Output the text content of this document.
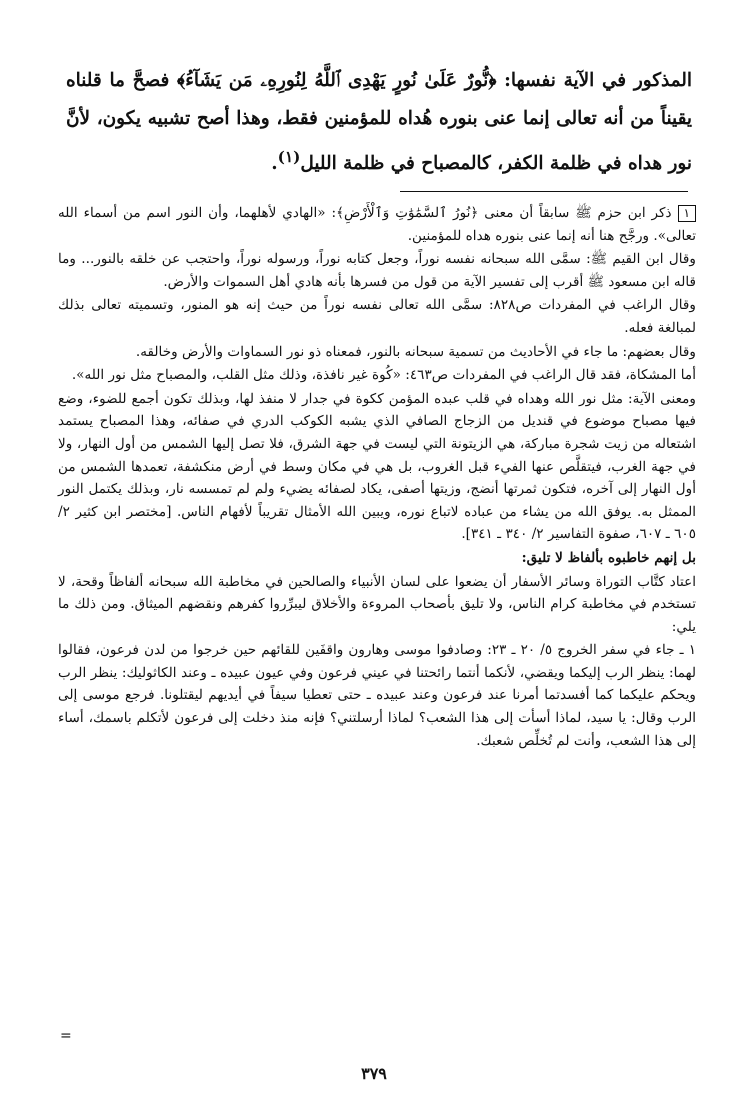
المذكور في الآية نفسها: ﴿نُّورٌ عَلَىٰ نُورٍ يَهْدِى ٱللَّهُ لِنُورِهِۦ مَن يَشَآءُ﴾ فصحَّ ما قلناه يقيناً من أنه تعالى إنما عنى بنوره هُداه للمؤمنين فقط، وهذا أصح تشبيه يكون، لأنَّ نور هداه في ظلمة الكفر، كالمصباح في ظلمة الليل$^{(١)}$.

١ذكر ابن حزم ﷺ سابقاً أن معنى ﴿نُورُ ٱلسَّمَٰوَٰتِ وَٱلْأَرْضِ﴾: «الهادي لأهلهما، وأن النور اسم من أسماء الله تعالى». ورجَّح هنا أنه إنما عنى بنوره هداه للمؤمنين.

وقال ابن القيم ﷺ: سمَّى الله سبحانه نفسه نوراً، وجعل كتابه نوراً، ورسوله نوراً، واحتجب عن خلقه بالنور... وما قاله ابن مسعود ﷺ أقرب إلى تفسير الآية من قول من فسرها بأنه هادي أهل السموات والأرض.

وقال الراغب في المفردات ص٨٢٨: سمَّى الله تعالى نفسه نوراً من حيث إنه هو المنور، وتسميته تعالى بذلك لمبالغة فعله.

وقال بعضهم: ما جاء في الأحاديث من تسمية سبحانه بالنور، فمعناه ذو نور السماوات والأرض وخالقه.

أما المشكاة، فقد قال الراغب في المفردات ص٤٦٣: «كُوة غير نافذة، وذلك مثل القلب، والمصباح مثل نور الله».

ومعنى الآية: مثل نور الله وهداه في قلب عبده المؤمن ككوة في جدار لا منفذ لها، وبذلك تكون أجمع للضوء، وضع فيها مصباح موضوع في قنديل من الزجاج الصافي الذي يشبه الكوكب الدري في صفائه، وهذا المصباح يستمد اشتعاله من زيت شجرة مباركة، هي الزيتونة التي ليست في جهة الشرق، فلا تصل إليها الشمس من أول النهار، ولا في جهة الغرب، فيتقلَّص عنها الفيء قبل الغروب، بل هي في مكان وسط في أرض منكشفة، تعمدها الشمس من أول النهار إلى آخره، فتكون ثمرتها أنضج، وزيتها أصفى، يكاد لصفائه يضيء ولم لم تمسسه نار، وبذلك يكتمل النور الممثل به. يوفق الله من يشاء من عباده لاتباع نوره، ويبين الله الأمثال تقريباً لأفهام الناس. [مختصر ابن كثير ٢/ ٦٠٥ ـ ٦٠٧، صفوة التفاسير ٢/ ٣٤٠ ـ ٣٤١].

بل إنهم خاطبوه بألفاظ لا تليق:

اعتاد كتَّاب التوراة وسائر الأسفار أن يضعوا على لسان الأنبياء والصالحين في مخاطبة الله سبحانه ألفاظاً وقحة، لا تستخدم في مخاطبة كرام الناس، ولا تليق بأصحاب المروءة والأخلاق ليبرِّروا كفرهم ونقضهم الميثاق. ومن ذلك ما يلي:

١ ـ جاء في سفر الخروج ٥/ ٢٠ ـ ٢٣: وصادفوا موسى وهارون واقفَين للقائهم حين خرجوا من لدن فرعون، فقالوا لهما: ينظر الرب إليكما ويقضي، لأنكما أنتما رائحتنا في عيني فرعون وفي عيون عبيده ـ وعند الكاثوليك: ينظر الرب ويحكم عليكما كما أفسدتما أمرنا عند فرعون وعند عبيده ـ حتى تعطيا سيفاً في أيديهم ليقتلونا. فرجع موسى إلى الرب وقال: يا سيد، لماذا أسأت إلى هذا الشعب؟ لماذا أرسلتني؟ فإنه منذ دخلت إلى فرعون لأتكلم باسمك، أساء إلى هذا الشعب، وأنت لم تُخلِّص شعبك.

=
٣٧٩
